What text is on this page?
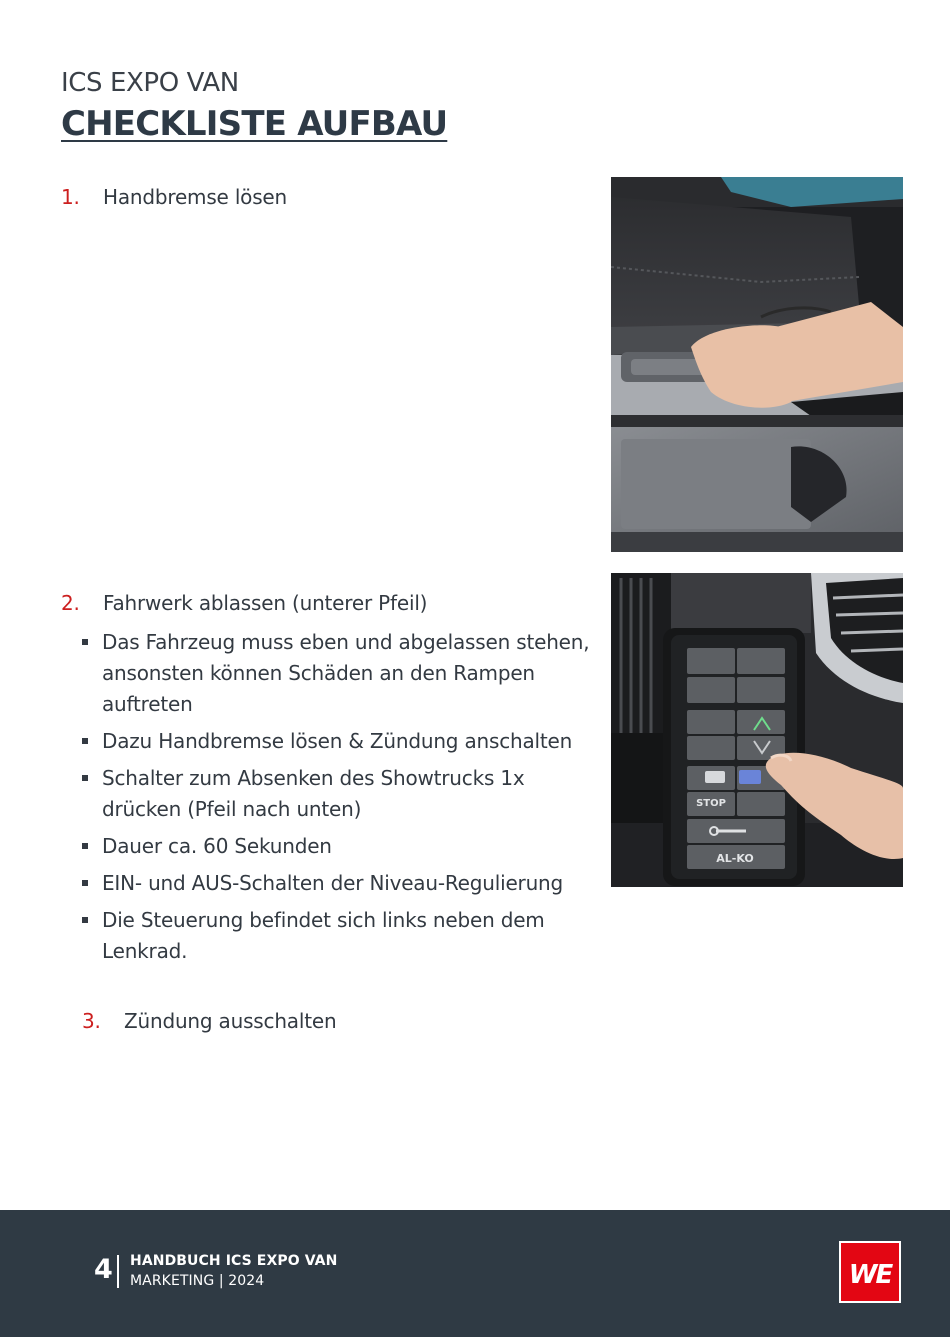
ICS EXPO VAN
CHECKLISTE AUFBAU
1.	Handbremse lösen
2.	Fahrwerk ablassen (unterer Pfeil)
Das Fahrzeug muss eben und abgelassen stehen, ansonsten können Schäden an den Rampen auftreten
Dazu Handbremse lösen & Zündung anschalten
Schalter zum Absenken des Showtrucks 1x drücken (Pfeil nach unten)
Dauer ca. 60 Sekunden
EIN- und AUS-Schalten der Niveau-Regulierung
Die Steuerung befindet sich links neben dem Lenkrad.
STOP
AL-KO
3.	Zündung ausschalten
4 HANDBUCH ICS EXPO VAN
MARKETING | 2024	WE
